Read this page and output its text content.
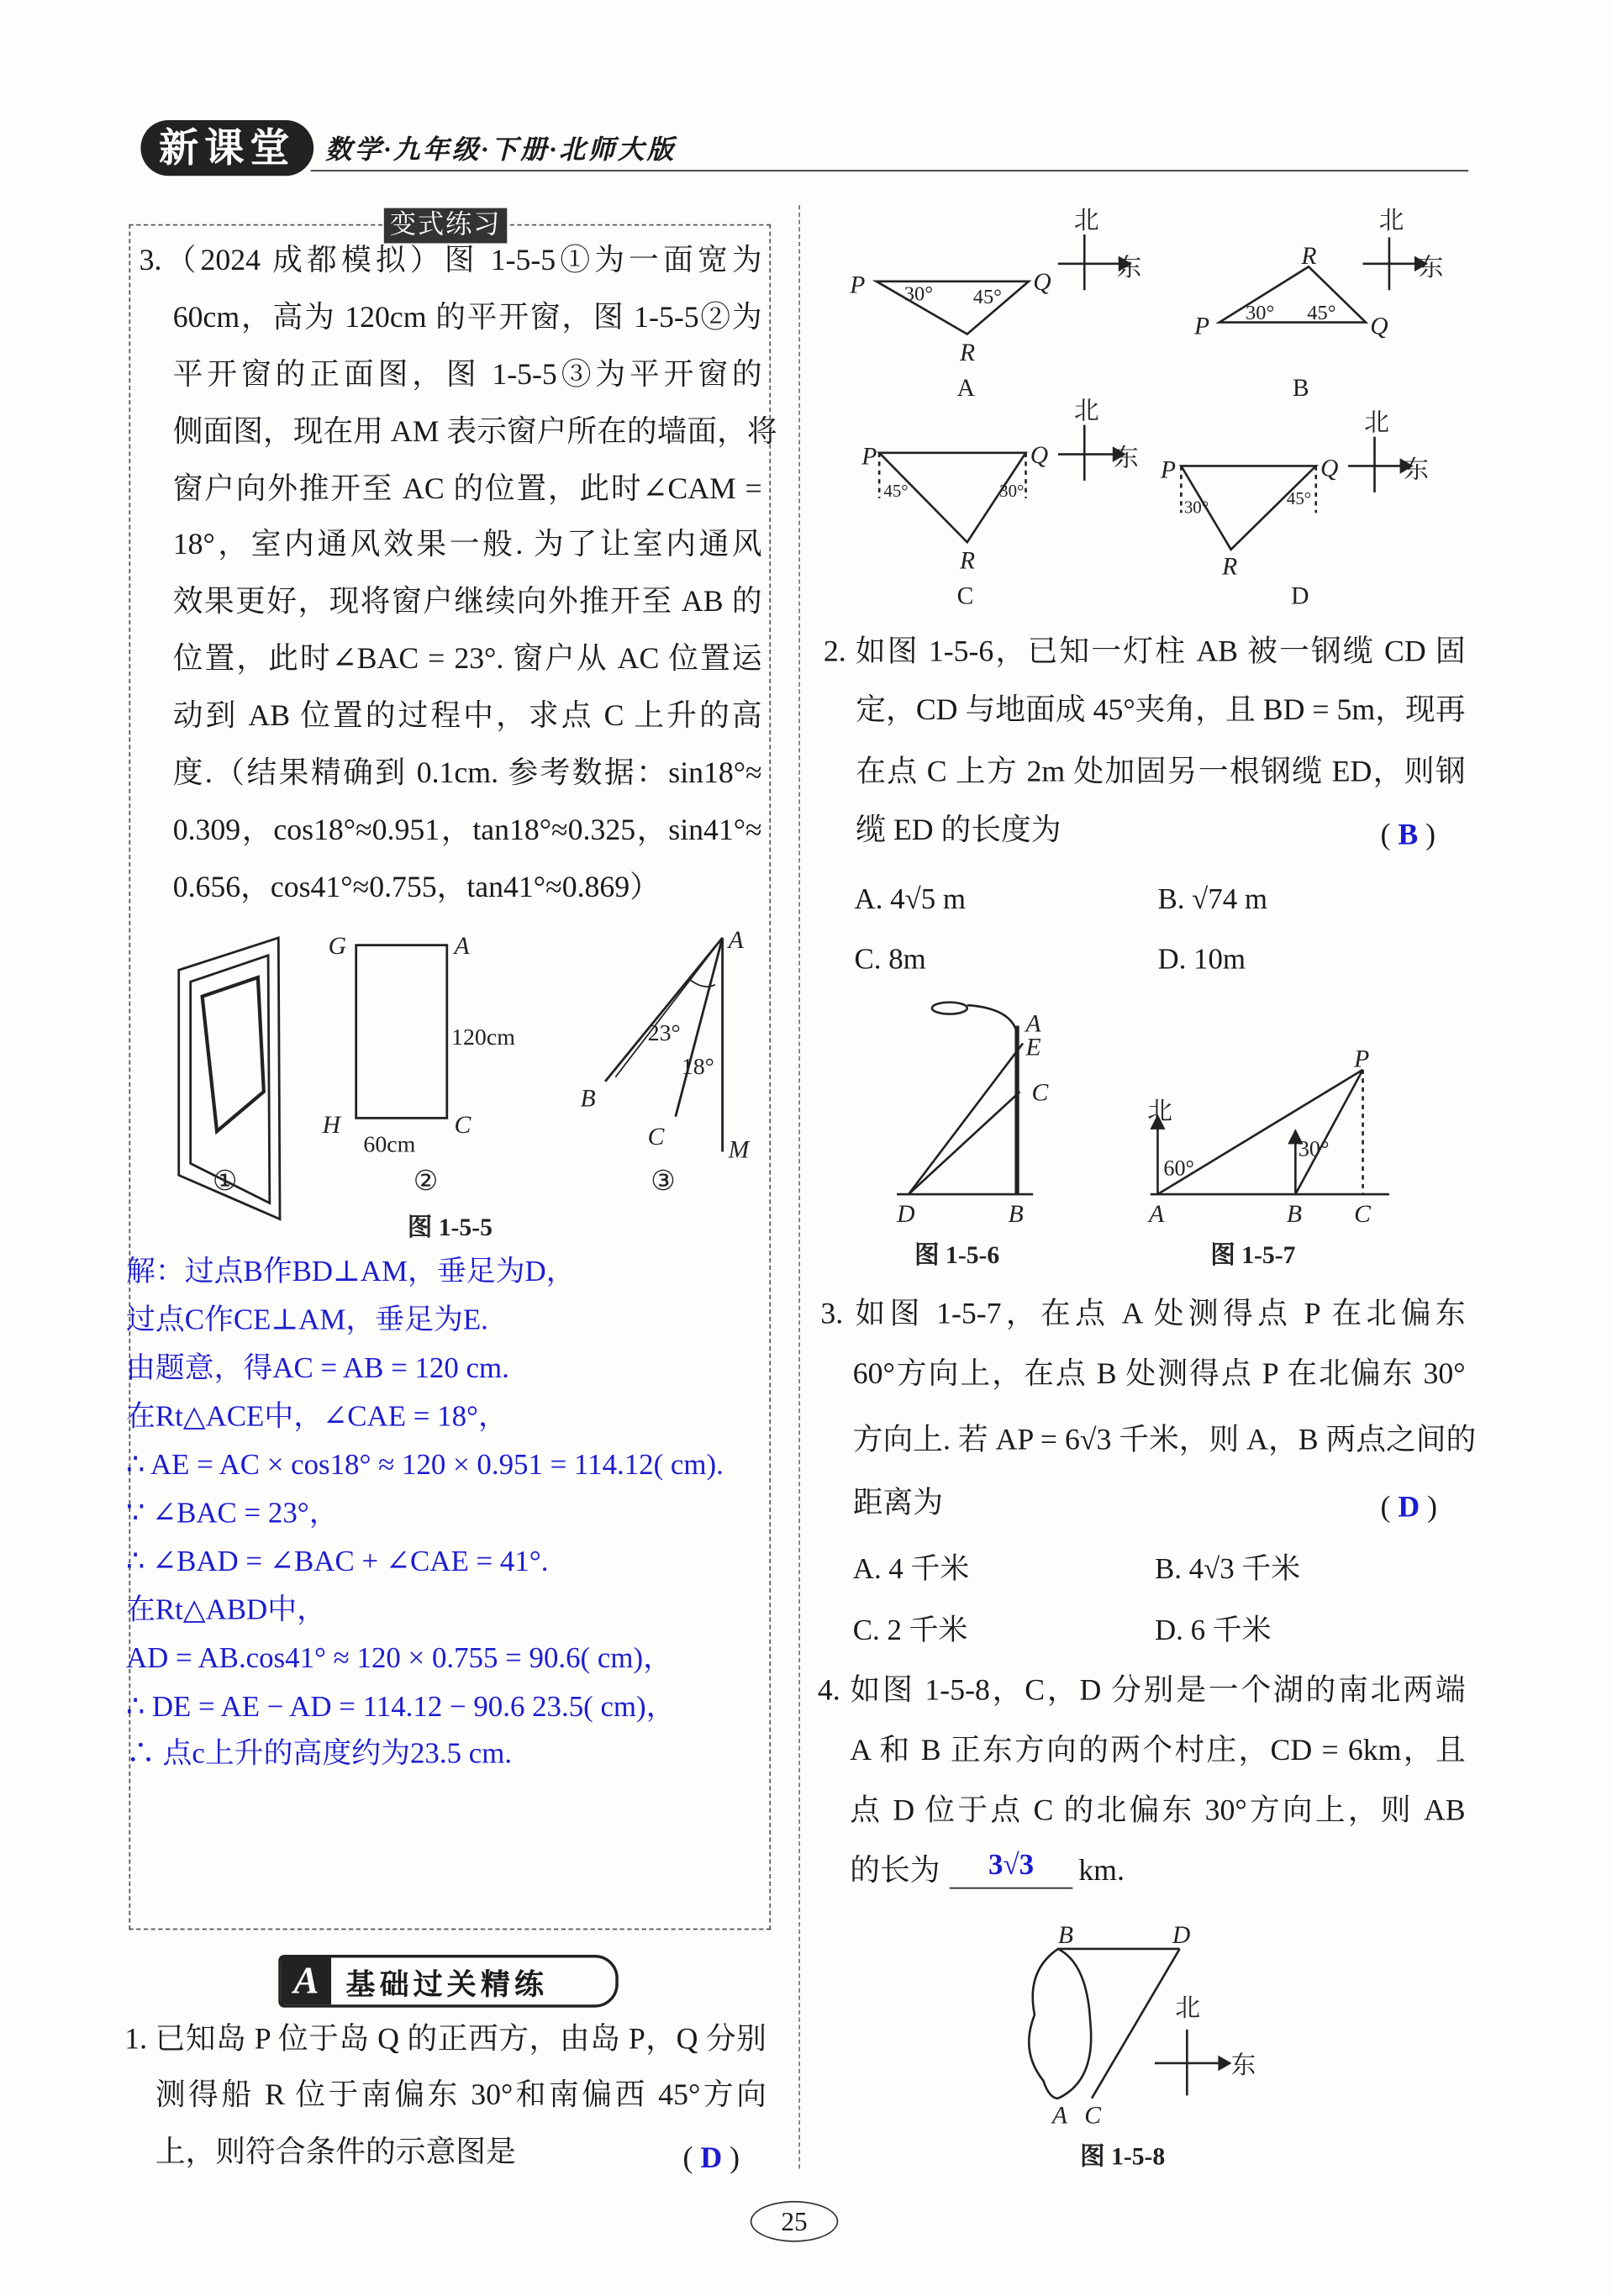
新课堂	数学·九年级·下册·北师大版
变式练习
3.（2024 成都模拟）图 1-5-5①为一面宽为
60cm，高为 120cm 的平开窗，图 1-5-5②为
平开窗的正面图，图 1-5-5③为平开窗的
侧面图，现在用 AM 表示窗户所在的墙面，将
窗户向外推开至 AC 的位置，此时∠CAM =
18°，室内通风效果一般. 为了让室内通风
效果更好，现将窗户继续向外推开至 AB 的
位置，此时∠BAC = 23°. 窗户从 AC 位置运
动到 AB 位置的过程中，求点 C 上升的高
度.（结果精确到 0.1cm. 参考数据：sin18°≈
0.309，cos18°≈0.951，tan18°≈0.325，sin41°≈
0.656，cos41°≈0.755，tan41°≈0.869）
G	A
H	C
A
B
C	M
120cm
60cm
23°
18°
①	②	③
图 1-5-5
解：过点B作BD⊥AM，垂足为D，
过点C作CE⊥AM，垂足为E.
由题意，得AC = AB = 120 cm.
在Rt△ACE中，∠CAE = 18°，
∴ AE = AC × cos18° ≈ 120 × 0.951 = 114.12( cm).
∵ ∠BAC = 23°，
∴ ∠BAD = ∠BAC + ∠CAE = 41°.
在Rt△ABD中，
AD = AB.cos41° ≈ 120 × 0.755 = 90.6( cm)，
∴ DE = AE − AD = 114.12 − 90.6 23.5( cm)，
∴ 点c上升的高度约为23.5 cm.
A	基础过关精练
1. 已知岛 P 位于岛 Q 的正西方，由岛 P，Q 分别
测得船 R 位于南偏东 30°和南偏西 45°方向
上，则符合条件的示意图是	( D )
P	Q
R
30°	45°
A
北
东
P	Q
R
30°	45°
B
北
东
P	Q
R
45°	30°
C
北
东 P	Q
R
30°	45°
D
北
东
A
E
C
D	B
图 1-5-6
P
北
60°
30°
A	B	C
图 1-5-7
B	D
A C
北
东
图 1-5-8
2. 如图 1-5-6，已知一灯柱 AB 被一钢缆 CD 固
定，CD 与地面成 45°夹角，且 BD = 5m，现再
在点 C 上方 2m 处加固另一根钢缆 ED，则钢
缆 ED 的长度为	( B )
A. 4√5 m	B. √74 m
C. 8m	D. 10m
3. 如图 1-5-7，在点 A 处测得点 P 在北偏东
60°方向上，在点 B 处测得点 P 在北偏东 30°
方向上. 若 AP = 6√3 千米，则 A，B 两点之间的
距离为	( D )
A. 4 千米	B. 4√3 千米
C. 2 千米	D. 6 千米
4. 如图 1-5-8，C，D 分别是一个湖的南北两端
A 和 B 正东方向的两个村庄，CD = 6km，且
点 D 位于点 C 的北偏东 30°方向上，则 AB
的长为	3√3	km.
25
